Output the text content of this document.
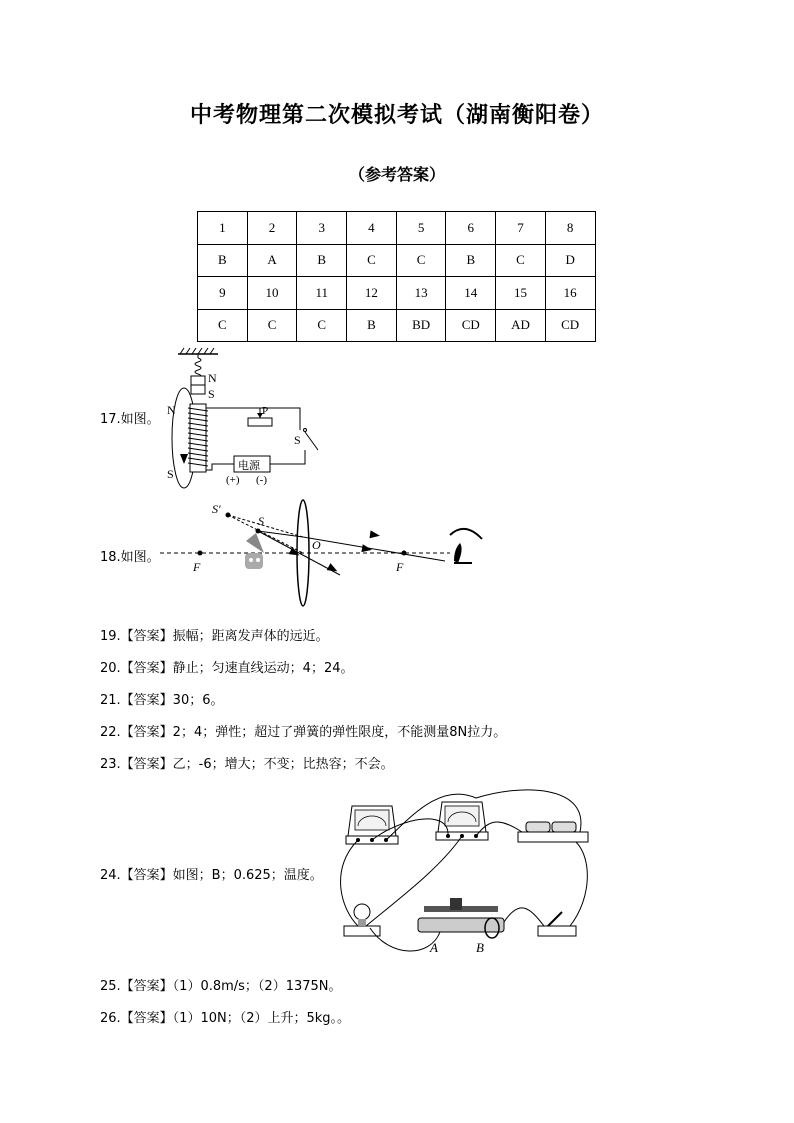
中考物理第二次模拟考试（湖南衡阳卷）
（参考答案）
1	2	3	4	5	6	7	8
B	A	B	C	C	B	C	D
9	10	11	12	13	14	15	16
C	C	C	B	BD	CD	AD	CD
17.如图。
N
S
N
S
P
S
电源
(+) (-)
18.如图。
F	F
O
S′
S
19.【答案】振幅；距离发声体的远近。
20.【答案】静止；匀速直线运动；4；24。
21.【答案】30；6。
22.【答案】2；4；弹性；超过了弹簧的弹性限度，不能测量8N拉力。
23.【答案】乙；-6；增大；不变；比热容；不会。
24.【答案】如图；B；0.625；温度。
A	B
25.【答案】（1）0.8m/s；（2）1375N。
26.【答案】（1）10N；（2）上升；5kg。。
